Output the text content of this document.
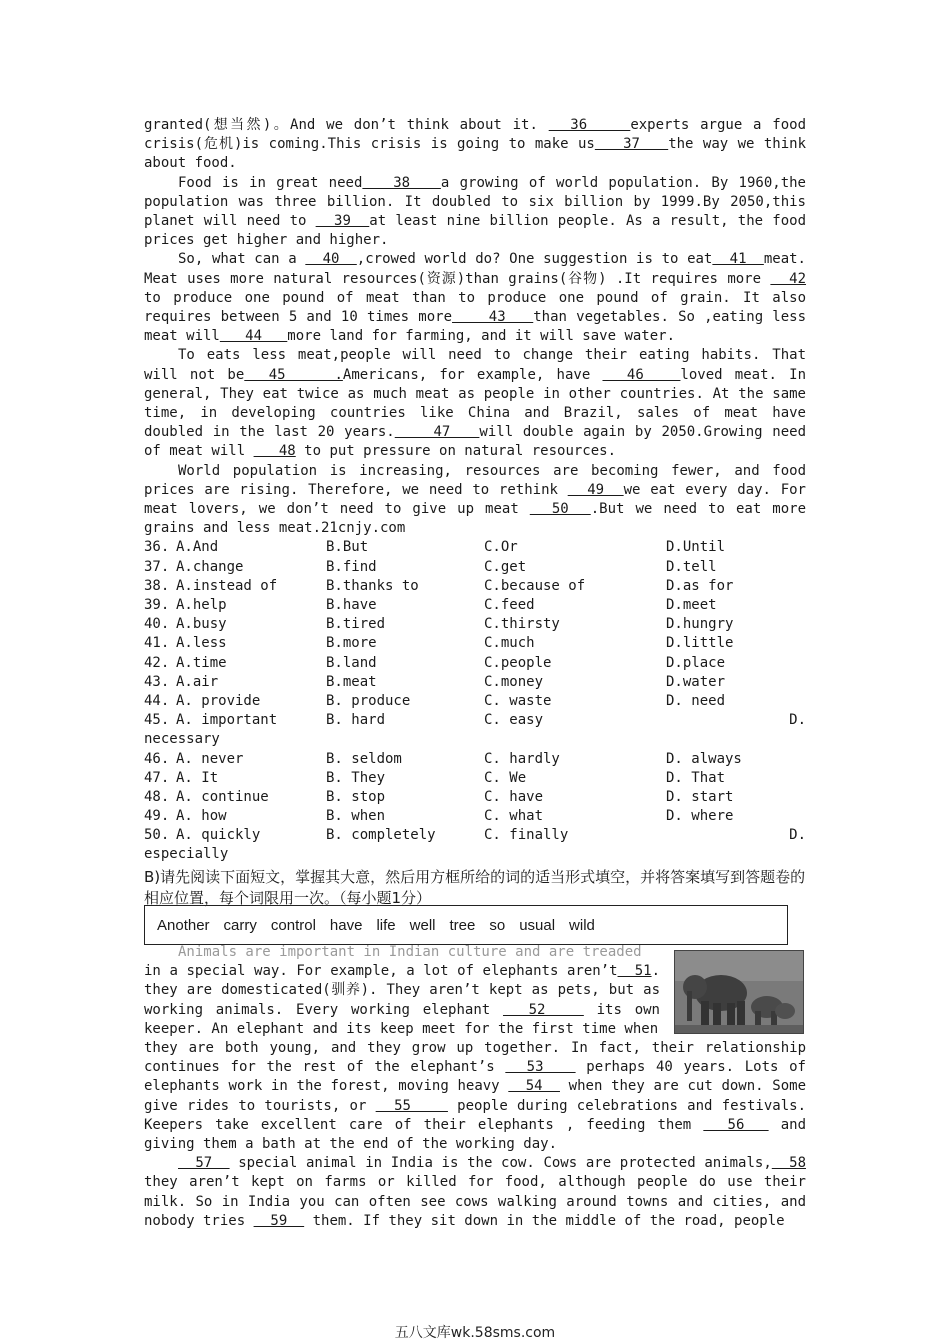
granted(想当然)。And we don’t think about it.   36    experts argue a food crisis(危机)is coming.This crisis is going to make us   37   the way we think about food.

Food is in great need   38   a growing of world population. By 1960,the population was three billion. It doubled to six billion by 1999.By 2050,this planet will need to   39  at least nine billion people. As a result, the food prices get higher and higher.

So, what can a   40  ,crowed world do? One suggestion is to eat  41  meat. Meat uses more natural resources(资源)than grains(谷物) .It requires more   42 to produce one pound of meat than to produce one pound of grain. It also requires between 5 and 10 times more    43   than vegetables. So ,eating less meat will   44   more land for farming, and it will save water.

To eats less meat,people will need to change their eating habits. That will not be  45    .Americans, for example, have   46   loved meat. In general, They eat twice as much meat as people in other countries. At the same time, in developing countries like China and Brazil, sales of meat have doubled in the last 20 years.    47   will double again by 2050.Growing need of meat will    48 to put pressure on natural resources.

World population is increasing, resources are becoming fewer, and food prices are rising. Therefore, we need to rethink   49  we eat every day. For meat lovers, we don’t need to give up meat   50  .But we need to eat more grains and less meat.21cnjy.com

36. A.And	B.But	C.Or	D.Until
37. A.change	B.find	C.get	D.tell
38. A.instead of	B.thanks to	C.because of	D.as for
39. A.help	B.have	C.feed	D.meet
40. A.busy	B.tired	C.thirsty	D.hungry
41. A.less	B.more	C.much	D.little
42. A.time	B.land	C.people	D.place
43. A.air	B.meat	C.money	D.water
44. A. provide	B. produce	C. waste	D. need
45. A. important	B. hard	C. easy	D.
necessary
46. A. never	B. seldom	C. hardly	D. always
47. A. It	B. They	C. We	D. That
48. A. continue	B. stop	C. have	D. start
49. A. how	B. when	C. what	D. where
50. A. quickly	B. completely	C. finally	D.
especially

B)请先阅读下面短文，掌握其大意，然后用方框所给的词的适当形式填空，并将答案填写到答题卷的相应位置，每个词限用一次。（每小题1分）

Another carry control have life well tree so usual wild

Animals are important in Indian culture and are treaded

in a special way. For example, a lot of elephants aren’t  51. they are domesticated(驯养). They aren’t kept as pets, but as working animals. Every working elephant   52    its own keeper. An elephant and its keep meet for the first time when

they are both young, and they grow up together. In fact, their relationship continues for the rest of the elephant’s   53    perhaps 40 years. Lots of elephants work in the forest, moving heavy   54   when they are cut down. Some give rides to tourists, or   55     people during celebrations and festivals. Keepers take excellent care of their elephants , feeding them   56   and giving them a bath at the end of the working day.

57   special animal in India is the cow. Cows are protected animals,  58 they aren’t kept on farms or killed for food, although people do use their milk. So in India you can often see cows walking around towns and cities, and nobody tries   59   them. If they sit down in the middle of the road, people

五八文库wk.58sms.com
